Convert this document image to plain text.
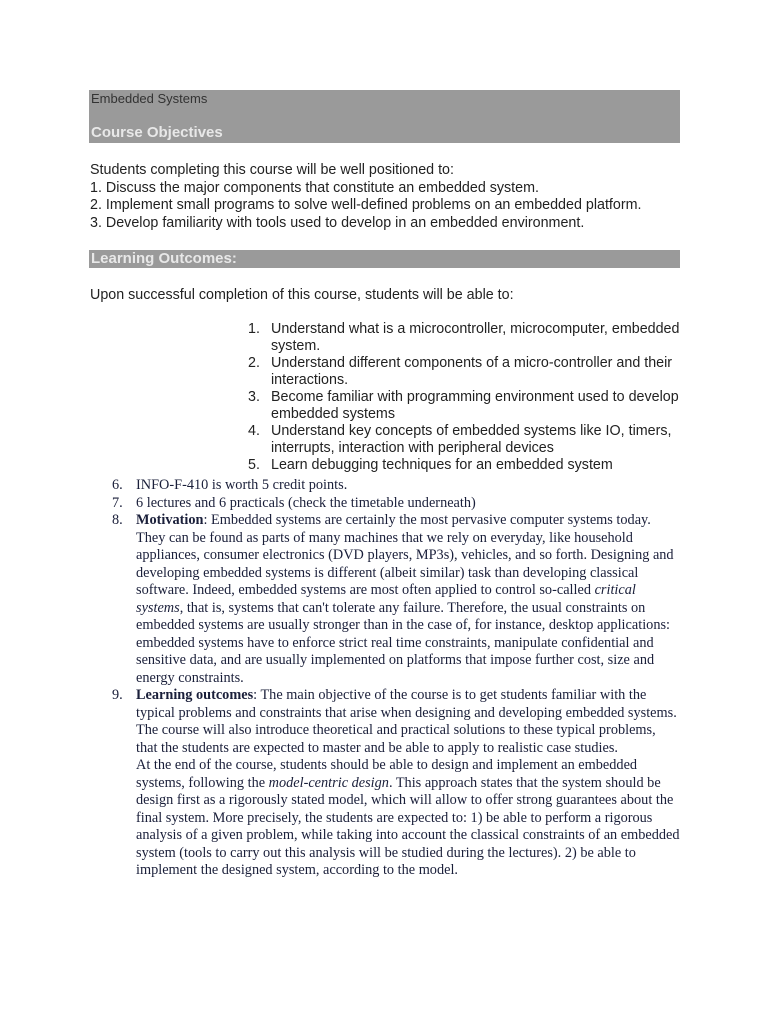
Embedded Systems
Course Objectives
Students completing this course will be well positioned to:
1. Discuss the major components that constitute an embedded system.
2. Implement small programs to solve well-defined problems on an embedded platform.
3. Develop familiarity with tools used to develop in an embedded environment.
Learning Outcomes:
Upon successful completion of this course, students will be able to:
1. Understand what is a microcontroller, microcomputer, embedded system.
2. Understand different components of a micro-controller and their interactions.
3. Become familiar with programming environment used to develop embedded systems
4. Understand key concepts of embedded systems like IO, timers, interrupts, interaction with peripheral devices
5. Learn debugging techniques for an embedded system
6. INFO-F-410 is worth 5 credit points.
7. 6 lectures and 6 practicals (check the timetable underneath)
8. Motivation: Embedded systems are certainly the most pervasive computer systems today. They can be found as parts of many machines that we rely on everyday, like household appliances, consumer electronics (DVD players, MP3s), vehicles, and so forth. Designing and developing embedded systems is different (albeit similar) task than developing classical software. Indeed, embedded systems are most often applied to control so-called critical systems, that is, systems that can't tolerate any failure. Therefore, the usual constraints on embedded systems are usually stronger than in the case of, for instance, desktop applications: embedded systems have to enforce strict real time constraints, manipulate confidential and sensitive data, and are usually implemented on platforms that impose further cost, size and energy constraints.
9. Learning outcomes: The main objective of the course is to get students familiar with the typical problems and constraints that arise when designing and developing embedded systems. The course will also introduce theoretical and practical solutions to these typical problems, that the students are expected to master and be able to apply to realistic case studies.
At the end of the course, students should be able to design and implement an embedded systems, following the model-centric design. This approach states that the system should be design first as a rigorously stated model, which will allow to offer strong guarantees about the final system. More precisely, the students are expected to: 1) be able to perform a rigorous analysis of a given problem, while taking into account the classical constraints of an embedded system (tools to carry out this analysis will be studied during the lectures). 2) be able to implement the designed system, according to the model.
